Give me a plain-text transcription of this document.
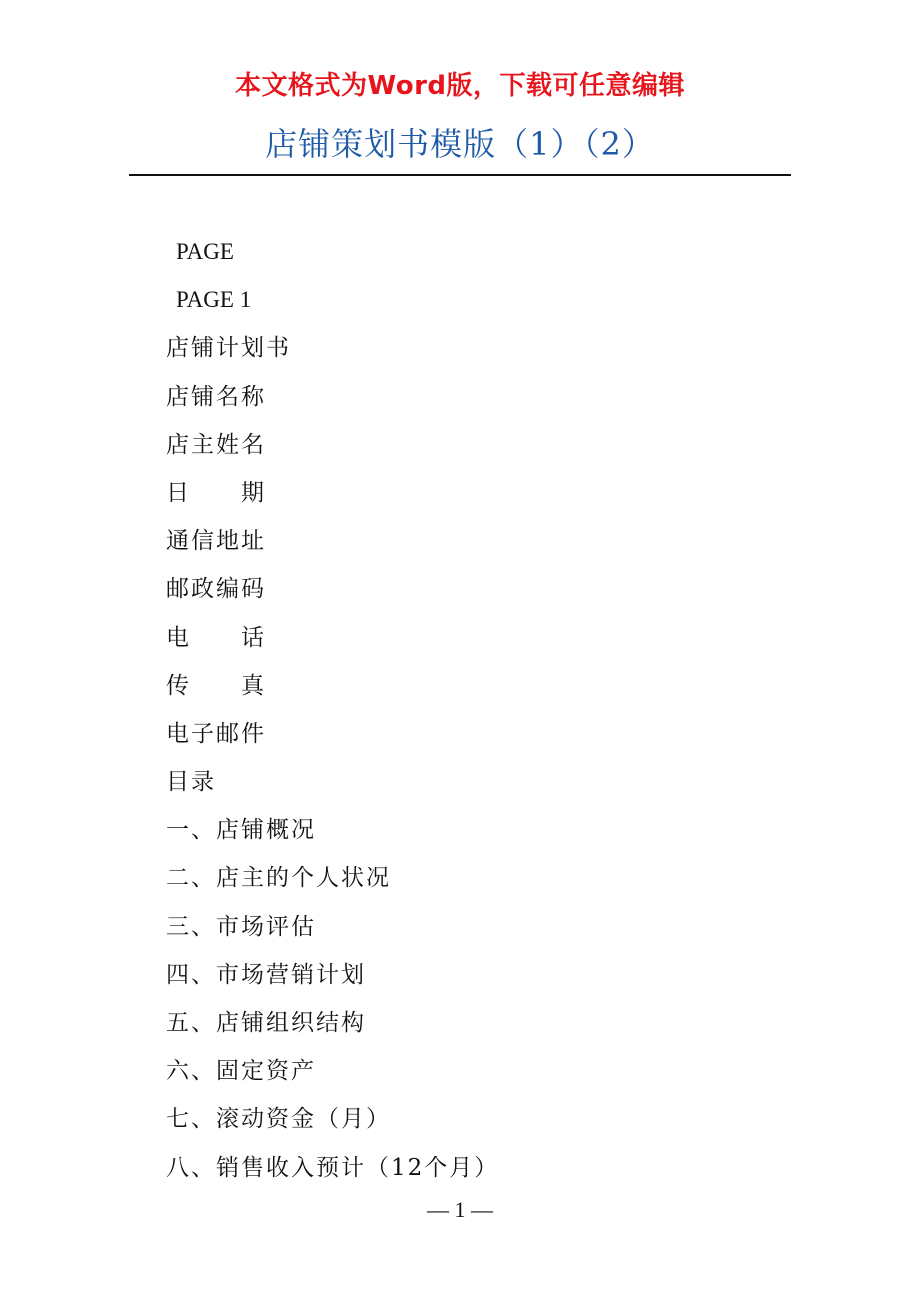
本文格式为Word版，下载可任意编辑
店铺策划书模版（1）（2）
PAGE
PAGE 1
店铺计划书
店铺名称
店主姓名
日　　期
通信地址
邮政编码
电　　话
传　　真
电子邮件
目录
一、店铺概况
二、店主的个人状况
三、市场评估
四、市场营销计划
五、店铺组织结构
六、固定资产
七、滚动资金（月）
八、销售收入预计（12个月）
— 1 —
